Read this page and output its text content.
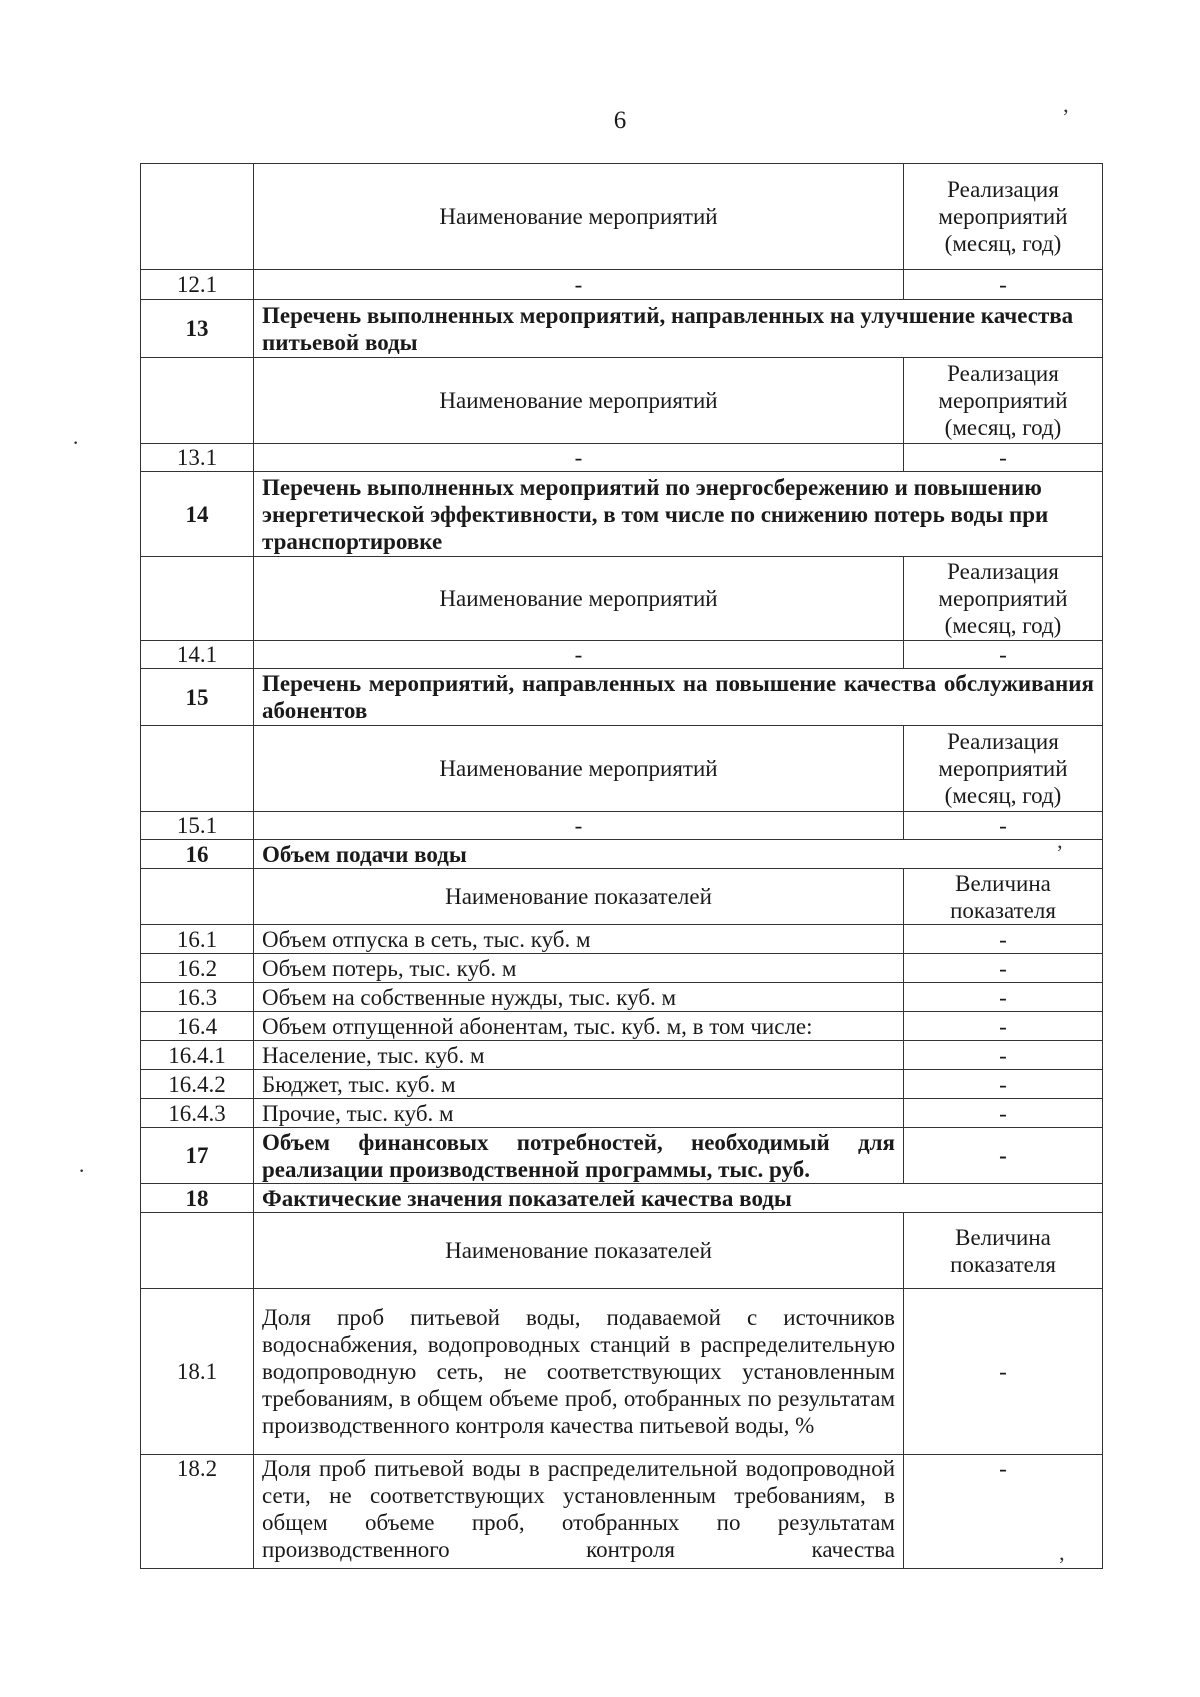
6	’
’
’
·
·
	Наименование мероприятий	Реализация мероприятий (месяц, год)
12.1	-	-
13	Перечень выполненных мероприятий, направленных на улучшение качества питьевой воды	
	Наименование мероприятий	Реализация мероприятий (месяц, год)
13.1	-	-
14	Перечень выполненных мероприятий по энергосбережению и повышению энергетической эффективности, в том числе по снижению потерь воды при транспортировке	
	Наименование мероприятий	Реализация мероприятий (месяц, год)
14.1	-	-
15	Перечень мероприятий, направленных на повышение качества обслуживания абонентов	
	Наименование мероприятий	Реализация мероприятий (месяц, год)
15.1	-	-
16	Объем подачи воды	
	Наименование показателей	Величина показателя
16.1	Объем отпуска в сеть, тыс. куб. м	-
16.2	Объем потерь, тыс. куб. м	-
16.3	Объем на собственные нужды, тыс. куб. м	-
16.4	Объем отпущенной абонентам, тыс. куб. м, в том числе:	-
16.4.1	Население, тыс. куб. м	-
16.4.2	Бюджет, тыс. куб. м	-
16.4.3	Прочие, тыс. куб. м	-
17	Объем финансовых потребностей, необходимый для реализации производственной программы, тыс. руб.	-
18	Фактические значения показателей качества воды	
	Наименование показателей	Величина показателя
18.1	Доля проб питьевой воды, подаваемой с источников водоснабжения, водопроводных станций в распределительную водопроводную сеть, не соответствующих установленным требованиям, в общем объеме проб, отобранных по результатам производственного контроля качества питьевой воды, %	-
18.2	Доля проб питьевой воды в распределительной водопроводной сети, не соответствующих установленным требованиям, в общем объеме проб, отобранных по результатам производственного контроля качества	-
